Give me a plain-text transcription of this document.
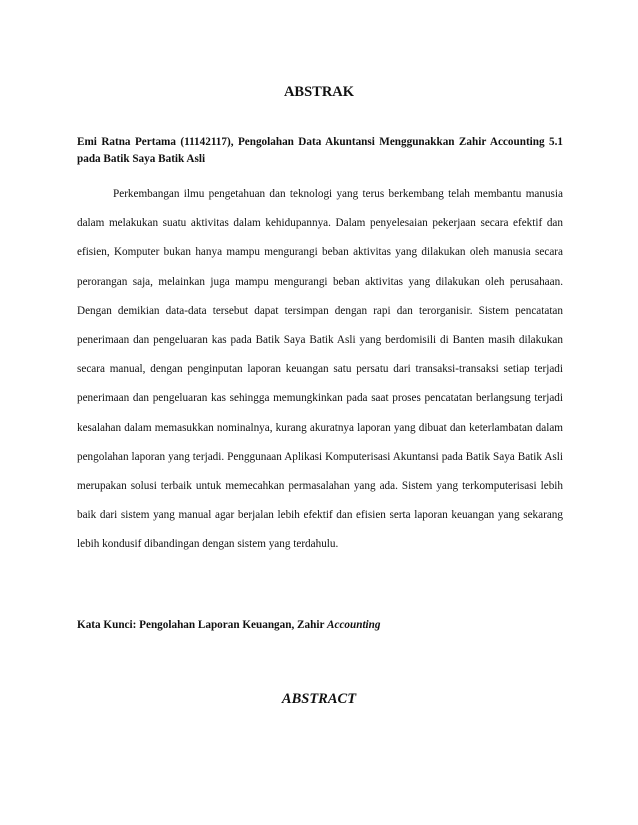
ABSTRAK
Emi Ratna Pertama (11142117), Pengolahan Data Akuntansi Menggunakkan Zahir Accounting 5.1 pada Batik Saya Batik Asli

Perkembangan ilmu pengetahuan dan teknologi yang terus berkembang telah membantu manusia dalam melakukan suatu aktivitas dalam kehidupannya. Dalam penyelesaian pekerjaan secara efektif dan efisien, Komputer bukan hanya mampu mengurangi beban aktivitas yang dilakukan oleh manusia secara perorangan saja, melainkan juga mampu mengurangi beban aktivitas yang dilakukan oleh perusahaan. Dengan demikian data-data tersebut dapat tersimpan dengan rapi dan terorganisir. Sistem pencatatan penerimaan dan pengeluaran kas pada Batik Saya Batik Asli yang berdomisili di Banten masih dilakukan secara manual, dengan penginputan laporan keuangan satu persatu dari transaksi-transaksi setiap terjadi penerimaan dan pengeluaran kas sehingga memungkinkan pada saat proses pencatatan berlangsung terjadi kesalahan dalam memasukkan nominalnya, kurang akuratnya laporan yang dibuat dan keterlambatan dalam pengolahan laporan yang terjadi. Penggunaan Aplikasi Komputerisasi Akuntansi pada Batik Saya Batik Asli merupakan solusi terbaik untuk memecahkan permasalahan yang ada. Sistem yang terkomputerisasi lebih baik dari sistem yang manual agar berjalan lebih efektif dan efisien serta laporan keuangan yang sekarang lebih kondusif dibandingan dengan sistem yang terdahulu.

Kata Kunci: Pengolahan Laporan Keuangan, Zahir Accounting
ABSTRACT
